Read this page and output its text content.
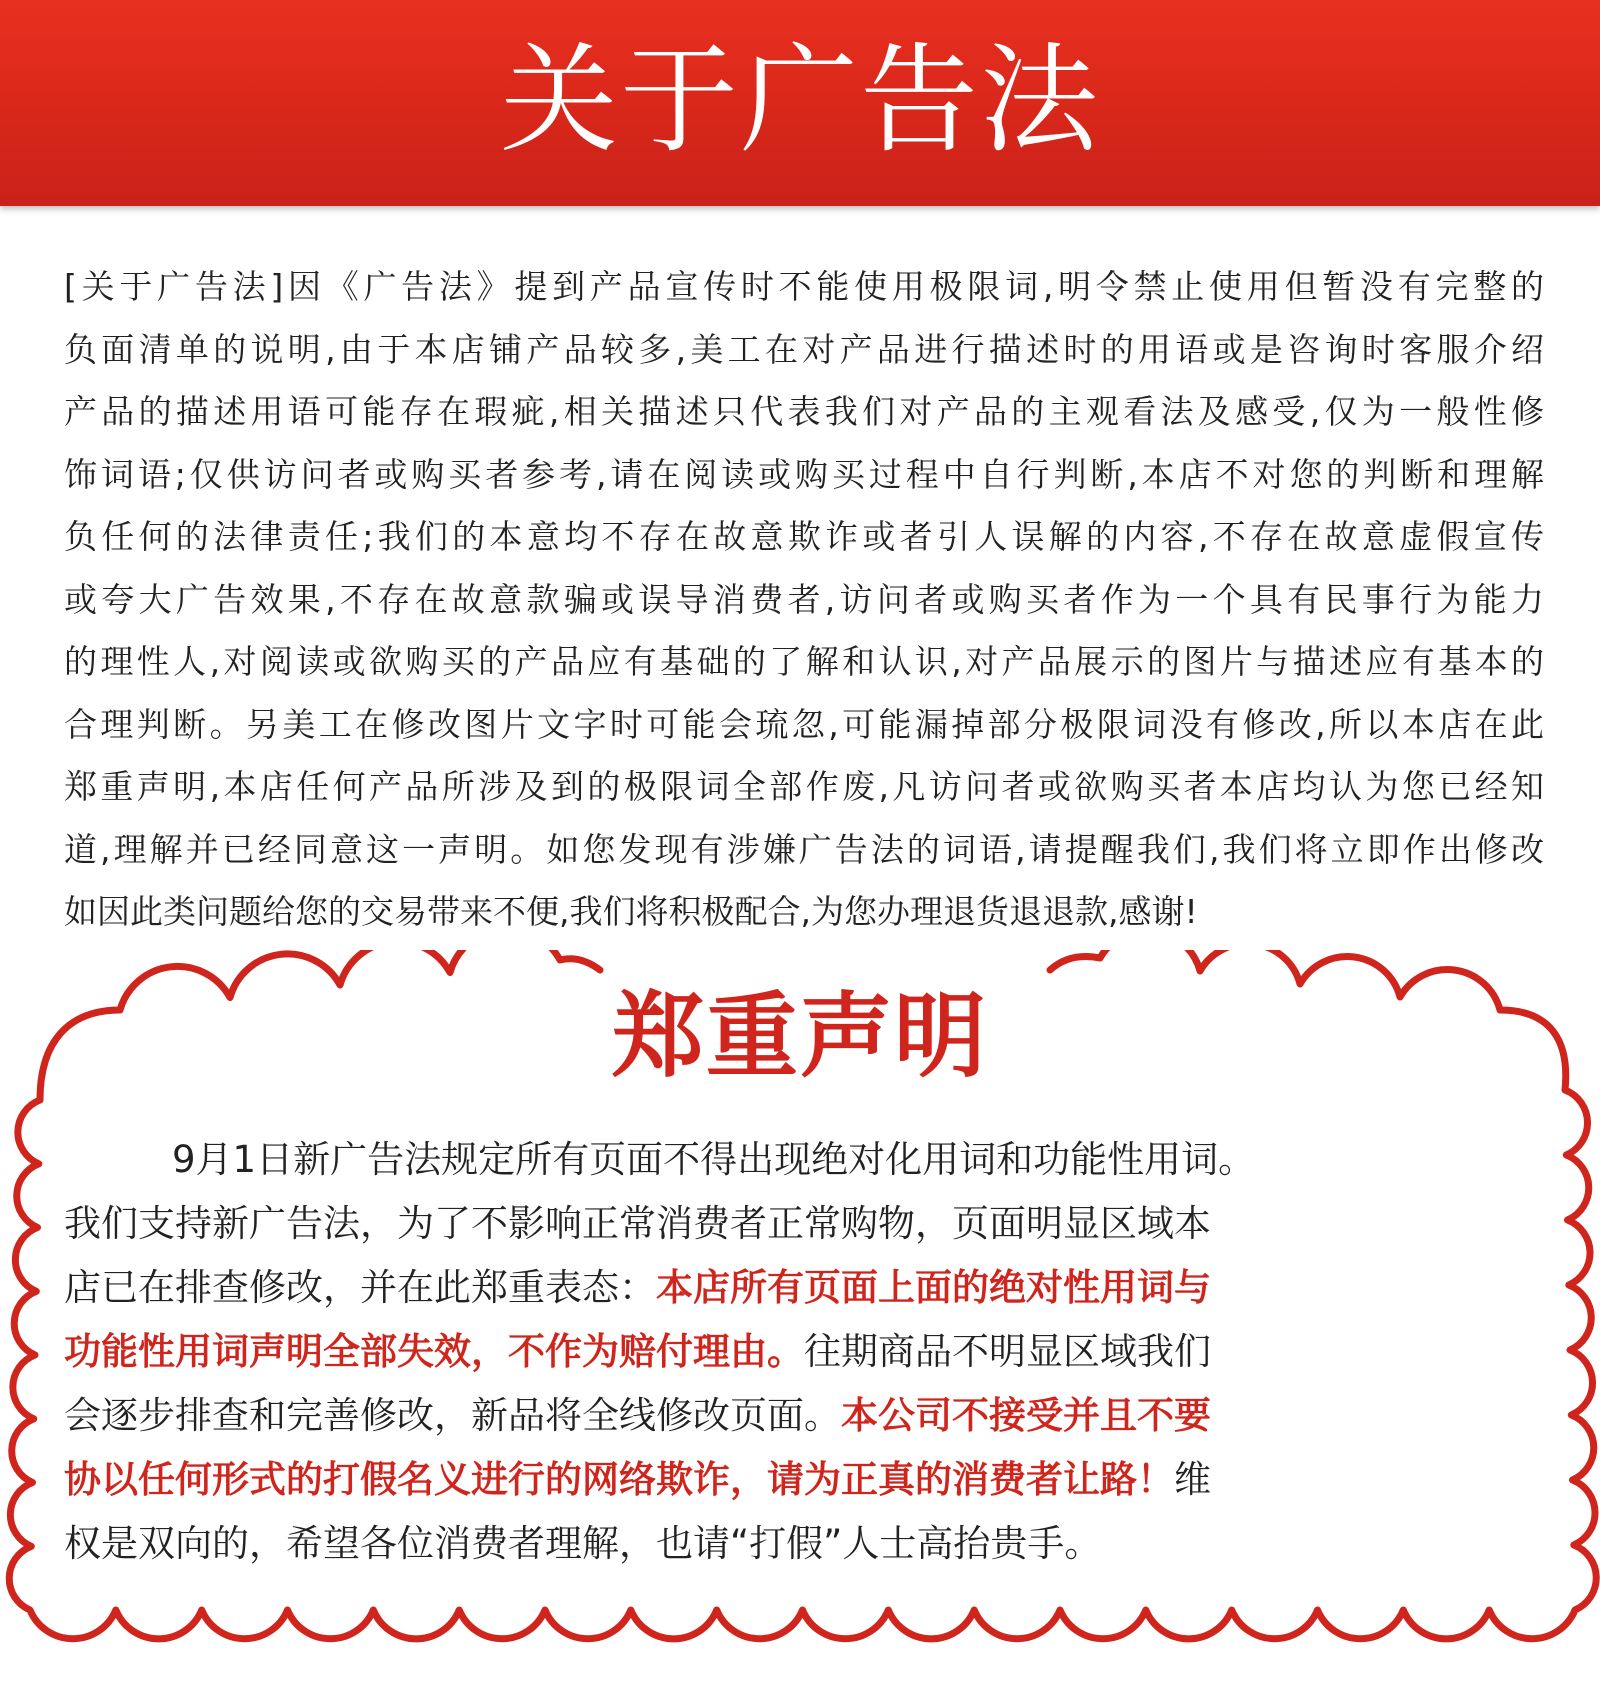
关于广告法
[关于广告法]因《广告法》提到产品宣传时不能使用极限词,明令禁止使用但暂没有完整的
负面清单的说明,由于本店铺产品较多,美工在对产品进行描述时的用语或是咨询时客服介绍
产品的描述用语可能存在瑕疵,相关描述只代表我们对产品的主观看法及感受,仅为一般性修
饰词语;仅供访问者或购买者参考,请在阅读或购买过程中自行判断,本店不对您的判断和理解
负任何的法律责任;我们的本意均不存在故意欺诈或者引人误解的内容,不存在故意虚假宣传
或夸大广告效果,不存在故意款骗或误导消费者,访问者或购买者作为一个具有民事行为能力
的理性人,对阅读或欲购买的产品应有基础的了解和认识,对产品展示的图片与描述应有基本的
合理判断。另美工在修改图片文字时可能会琉忽,可能漏掉部分极限词没有修改,所以本店在此
郑重声明,本店任何产品所涉及到的极限词全部作废,凡访问者或欲购买者本店均认为您已经知
道,理解并已经同意这一声明。如您发现有涉嫌广告法的词语,请提醒我们,我们将立即作出修改
如因此类问题给您的交易带来不便,我们将积极配合,为您办理退货退退款,感谢!
郑重声明
9月1日新广告法规定所有页面不得出现绝对化用词和功能性用词。
我们支持新广告法，为了不影响正常消费者正常购物，页面明显区域本
店已在排查修改，并在此郑重表态：本店所有页面上面的绝对性用词与
功能性用词声明全部失效，不作为赔付理由。往期商品不明显区域我们
会逐步排查和完善修改，新品将全线修改页面。本公司不接受并且不要
协以任何形式的打假名义进行的网络欺诈，请为正真的消费者让路！维
权是双向的，希望各位消费者理解，也请“打假”人士高抬贵手。
